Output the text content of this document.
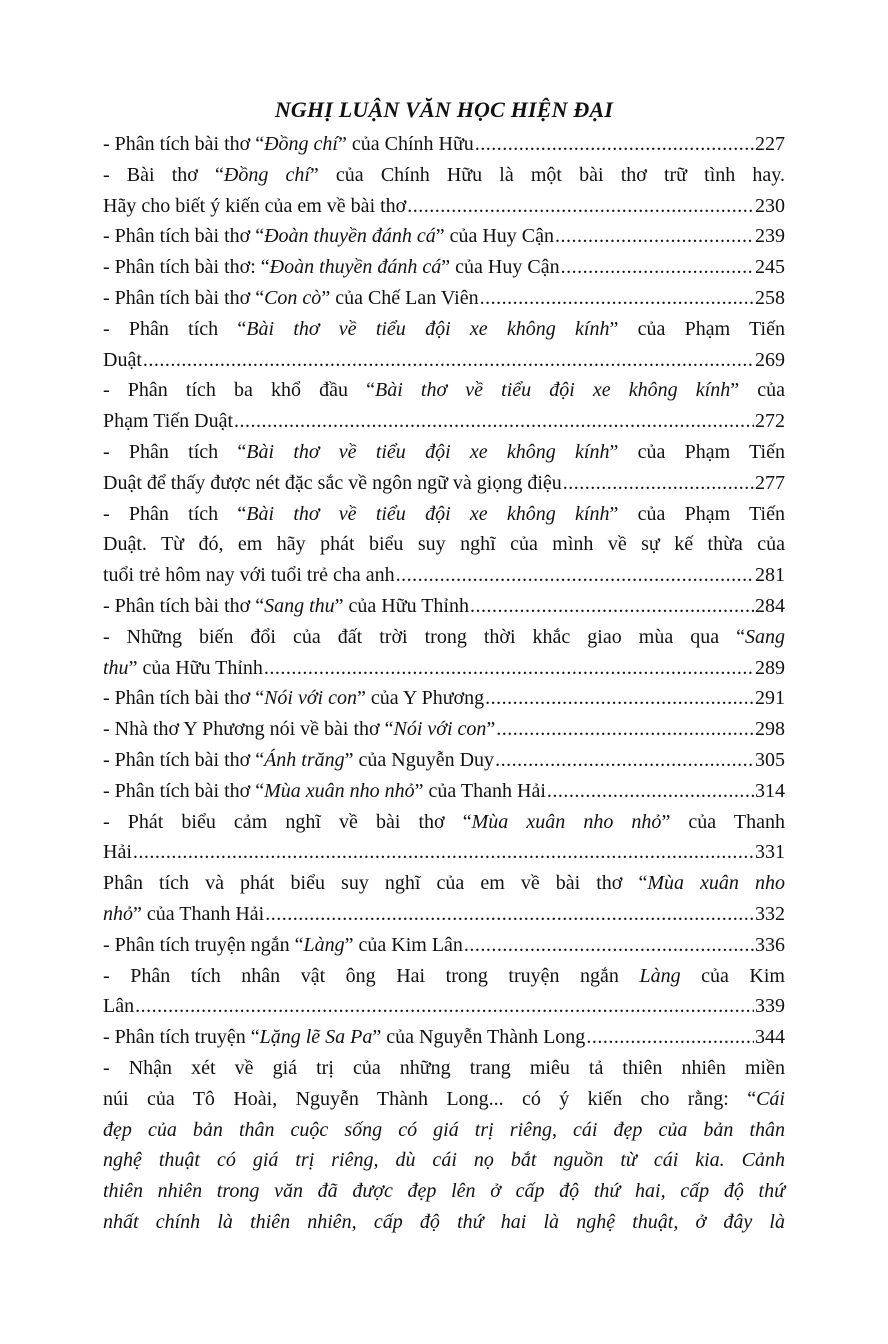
NGHỊ LUẬN VĂN HỌC HIỆN ĐẠI
- Phân tích bài thơ “Đồng chí” của Chính Hữu .....	227
- Bài thơ “Đồng chí” của Chính Hữu là một bài thơ trữ tình hay.
Hãy cho biết ý kiến của em về bài thơ .....	230
- Phân tích bài thơ “Đoàn thuyền đánh cá” của Huy Cận .....	239
- Phân tích bài thơ: “Đoàn thuyền đánh cá” của Huy Cận .....	245
- Phân tích bài thơ “Con cò” của Chế Lan Viên .....	258
- Phân tích “Bài thơ về tiểu đội xe không kính” của Phạm Tiến
Duật .....	269
- Phân tích ba khổ đầu “Bài thơ về tiểu đội xe không kính” của
Phạm Tiến Duật .....	272
- Phân tích “Bài thơ về tiểu đội xe không kính” của Phạm Tiến
Duật để thấy được nét đặc sắc về ngôn ngữ và giọng điệu .....	277
- Phân tích “Bài thơ về tiểu đội xe không kính” của Phạm Tiến
Duật. Từ đó, em hãy phát biểu suy nghĩ của mình về sự kế thừa của
tuổi trẻ hôm nay với tuổi trẻ cha anh .....	281
- Phân tích bài thơ “Sang thu” của Hữu Thỉnh .....	284
- Những biến đổi của đất trời trong thời khắc giao mùa qua “Sang
thu” của Hữu Thỉnh .....	289
- Phân tích bài thơ “Nói với con” của Y Phương .....	291
- Nhà thơ Y Phương nói về bài thơ “Nói với con” .....	298
- Phân tích bài thơ “Ánh trăng” của Nguyễn Duy .....	305
- Phân tích bài thơ “Mùa xuân nho nhỏ” của Thanh Hải .....	314
- Phát biểu cảm nghĩ về bài thơ “Mùa xuân nho nhỏ” của Thanh
Hải .....	331
Phân tích và phát biểu suy nghĩ của em về bài thơ “Mùa xuân nho
nhỏ” của Thanh Hải .....	332
- Phân tích truyện ngắn “Làng” của Kim Lân .....	336
- Phân tích nhân vật ông Hai trong truyện ngắn Làng của Kim
Lân .....	339
- Phân tích truyện “Lặng lẽ Sa Pa” của Nguyễn Thành Long .....	344
- Nhận xét về giá trị của những trang miêu tả thiên nhiên miền
núi của Tô Hoài, Nguyễn Thành Long... có ý kiến cho rằng: “Cái
đẹp của bản thân cuộc sống có giá trị riêng, cái đẹp của bản thân
nghệ thuật có giá trị riêng, dù cái nọ bắt nguồn từ cái kia. Cảnh
thiên nhiên trong văn đã được đẹp lên ở cấp độ thứ hai, cấp độ thứ
nhất chính là thiên nhiên, cấp độ thứ hai là nghệ thuật, ở đây là
